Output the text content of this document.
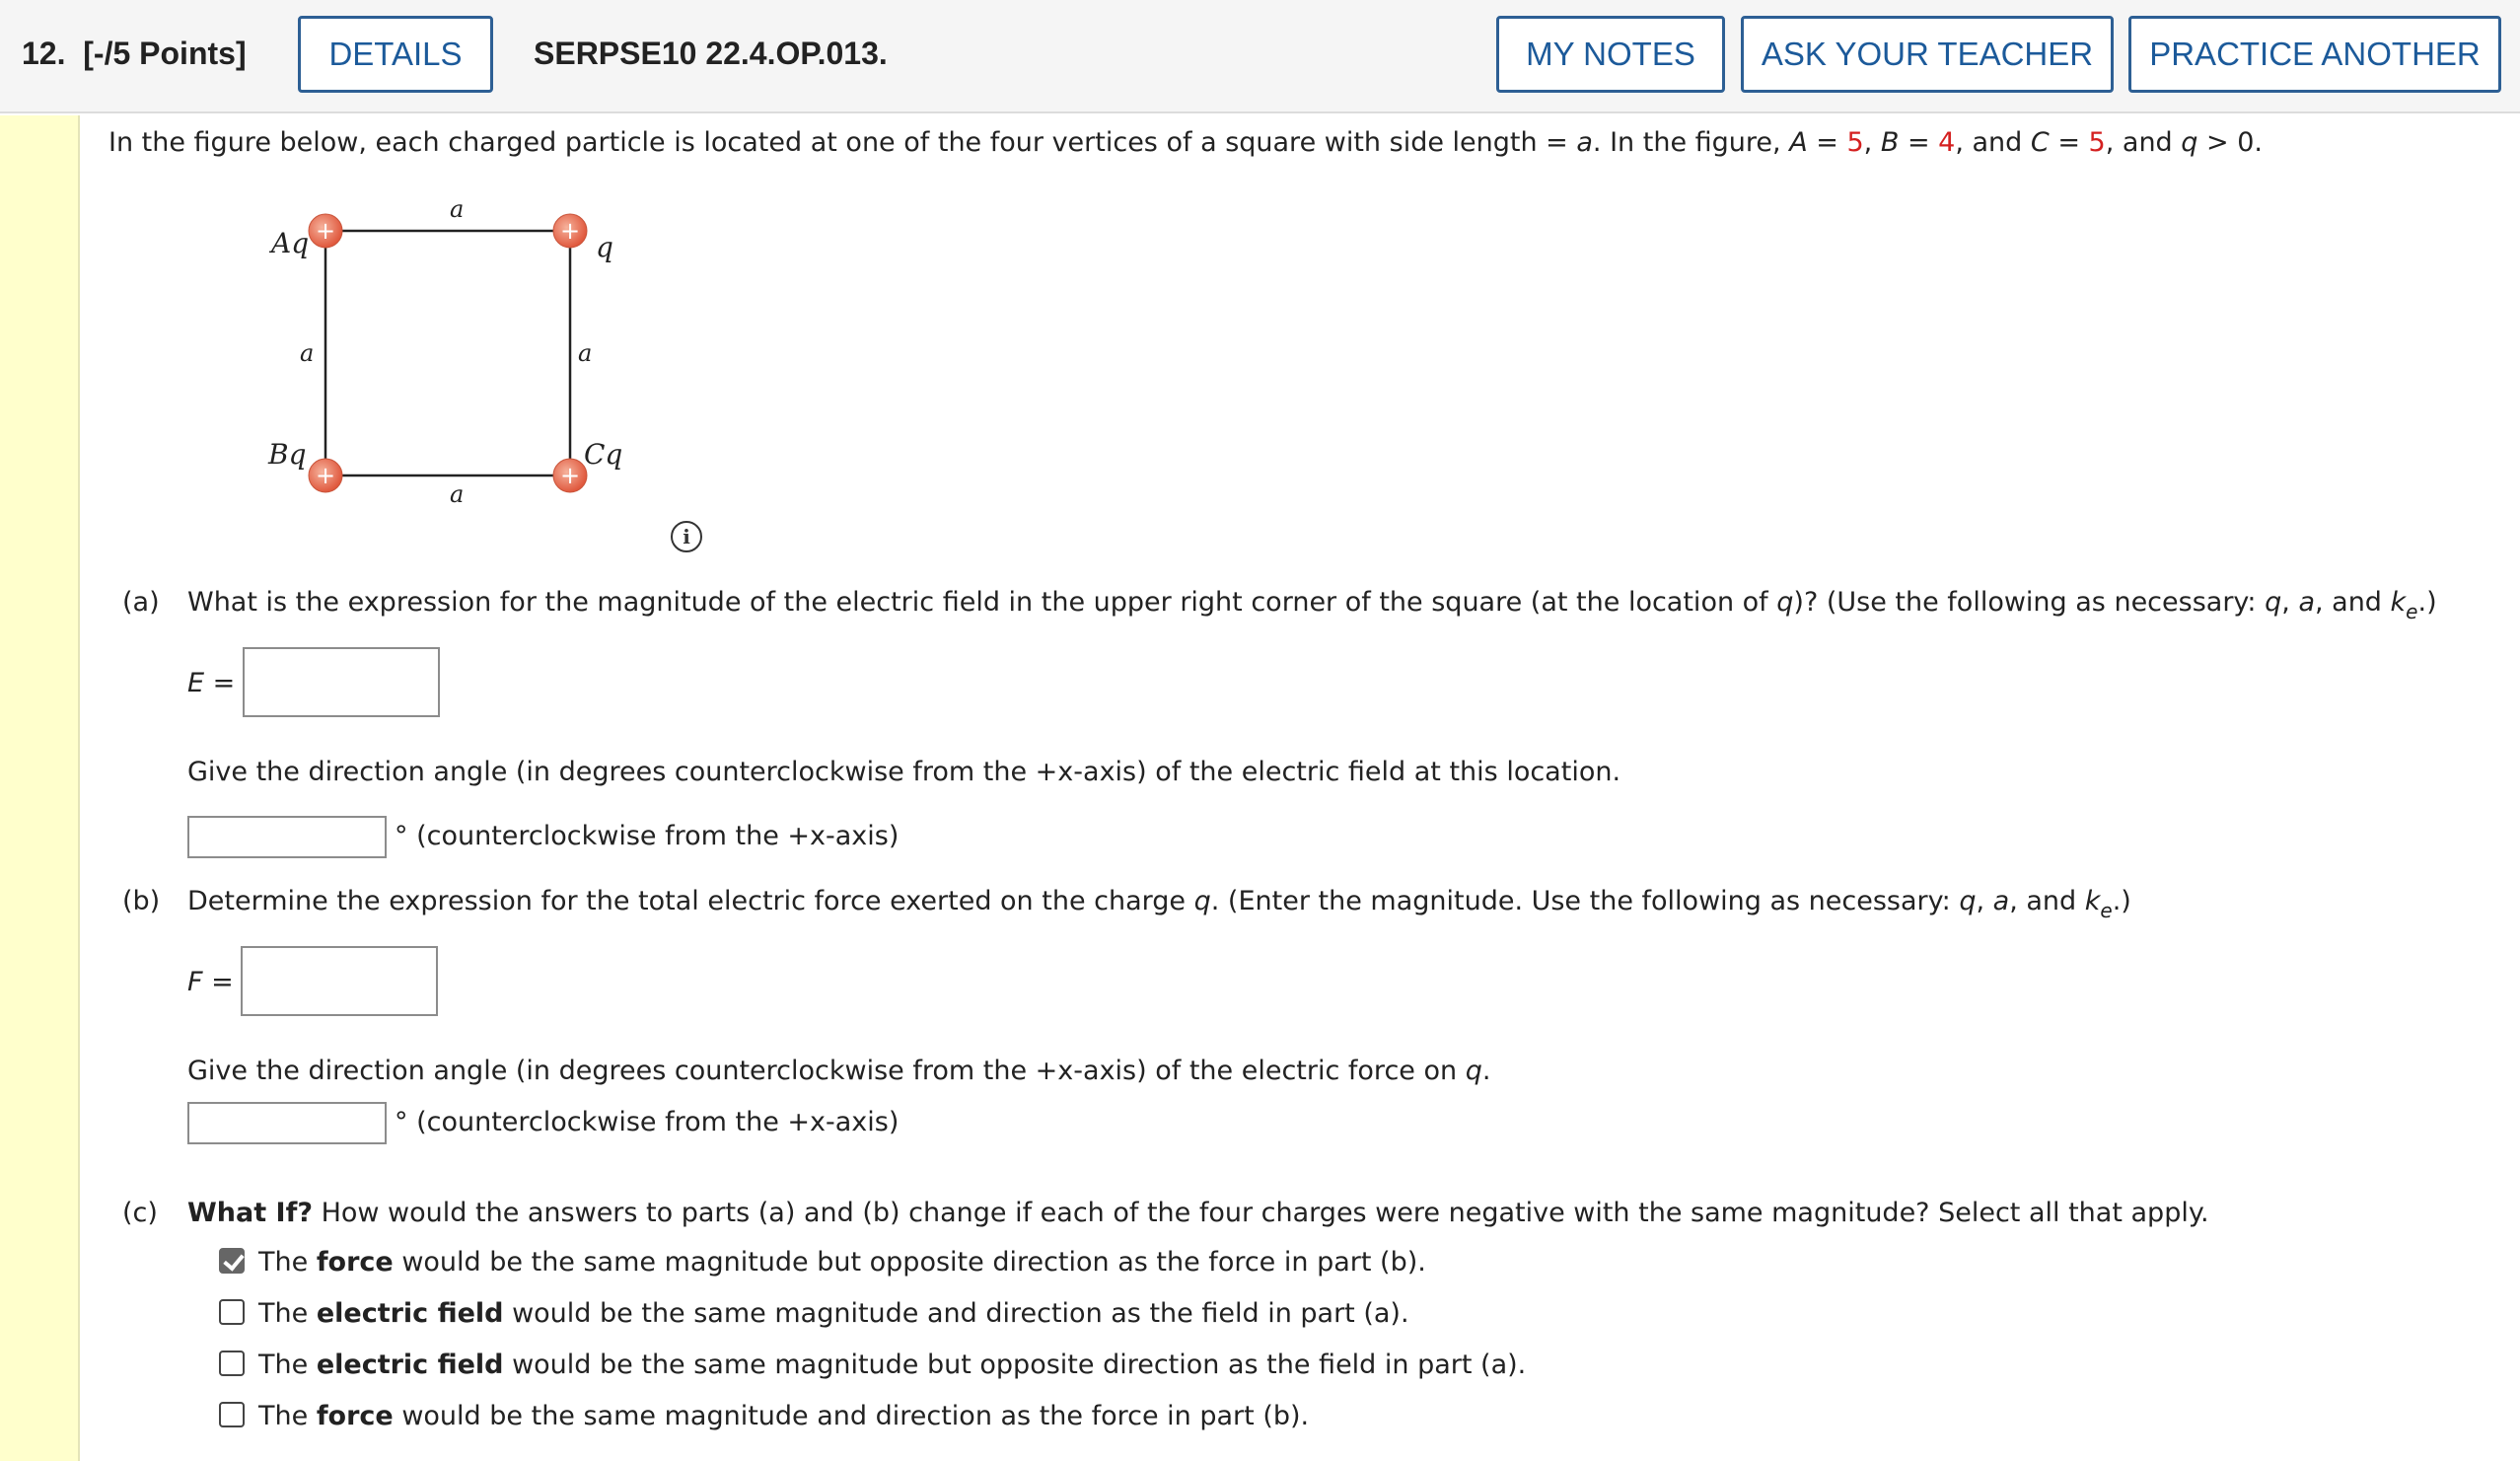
12. [-/5 Points]	DETAILS	SERPSE10 22.4.OP.013.	MY NOTES	ASK YOUR TEACHER	PRACTICE ANOTHER
In the figure below, each charged particle is located at one of the four vertices of a square with side length = a. In the figure, A = 5, B = 4, and C = 5, and q > 0.
+	+
+	+
Aq	q
Bq	Cq
a
a
a	a
i
(a) What is the expression for the magnitude of the electric field in the upper right corner of the square (at the location of q)? (Use the following as necessary: q, a, and $k_e$.)
E =
Give the direction angle (in degrees counterclockwise from the +x-axis) of the electric field at this location.
° (counterclockwise from the +x-axis)
(b) Determine the expression for the total electric force exerted on the charge q. (Enter the magnitude. Use the following as necessary: q, a, and $k_e$.)
F =
Give the direction angle (in degrees counterclockwise from the +x-axis) of the electric force on q.
° (counterclockwise from the +x-axis)
(c) What If? How would the answers to parts (a) and (b) change if each of the four charges were negative with the same magnitude? Select all that apply.
The force would be the same magnitude but opposite direction as the force in part (b).
The electric field would be the same magnitude and direction as the field in part (a).
The electric field would be the same magnitude but opposite direction as the field in part (a).
The force would be the same magnitude and direction as the force in part (b).
